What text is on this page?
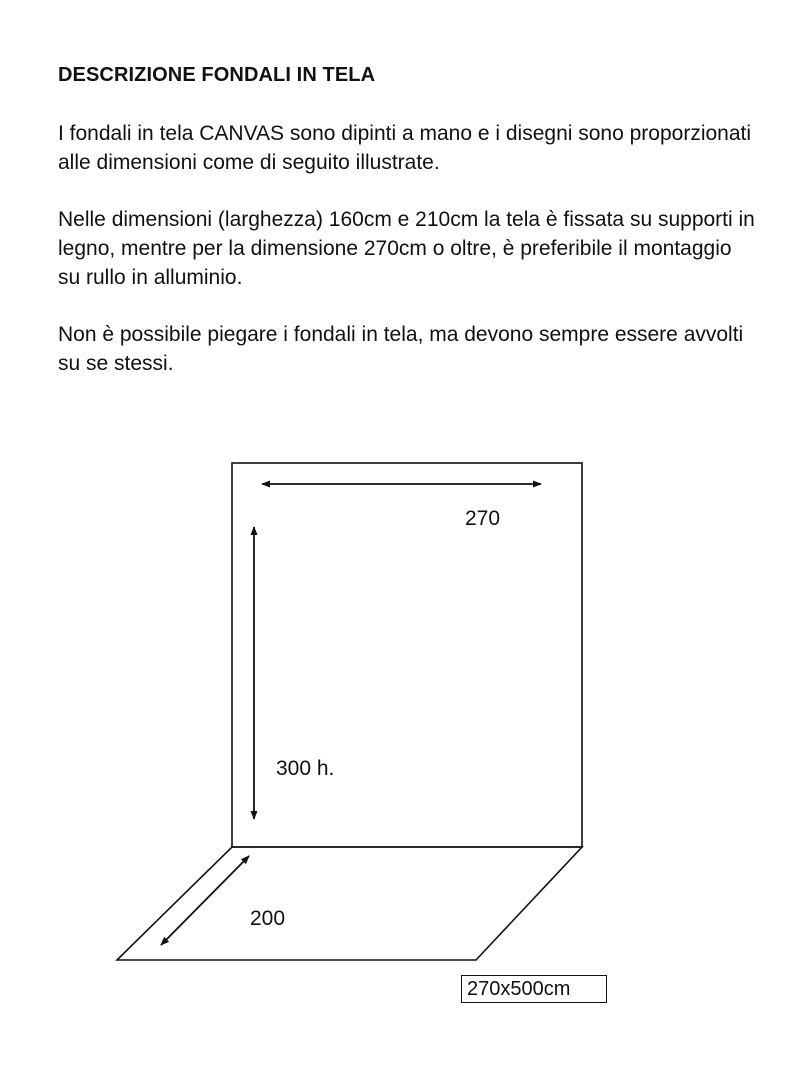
DESCRIZIONE FONDALI IN TELA

I fondali in tela CANVAS sono dipinti a mano e i disegni sono proporzionati alle dimensioni come di seguito illustrate.

Nelle dimensioni (larghezza) 160cm e 210cm la tela è fissata su supporti in legno, mentre per la dimensione 270cm o oltre, è preferibile il montaggio su rullo in alluminio.

Non è possibile piegare i fondali in tela, ma devono sempre essere avvolti su se stessi.

270
300 h.
200
270x500cm
